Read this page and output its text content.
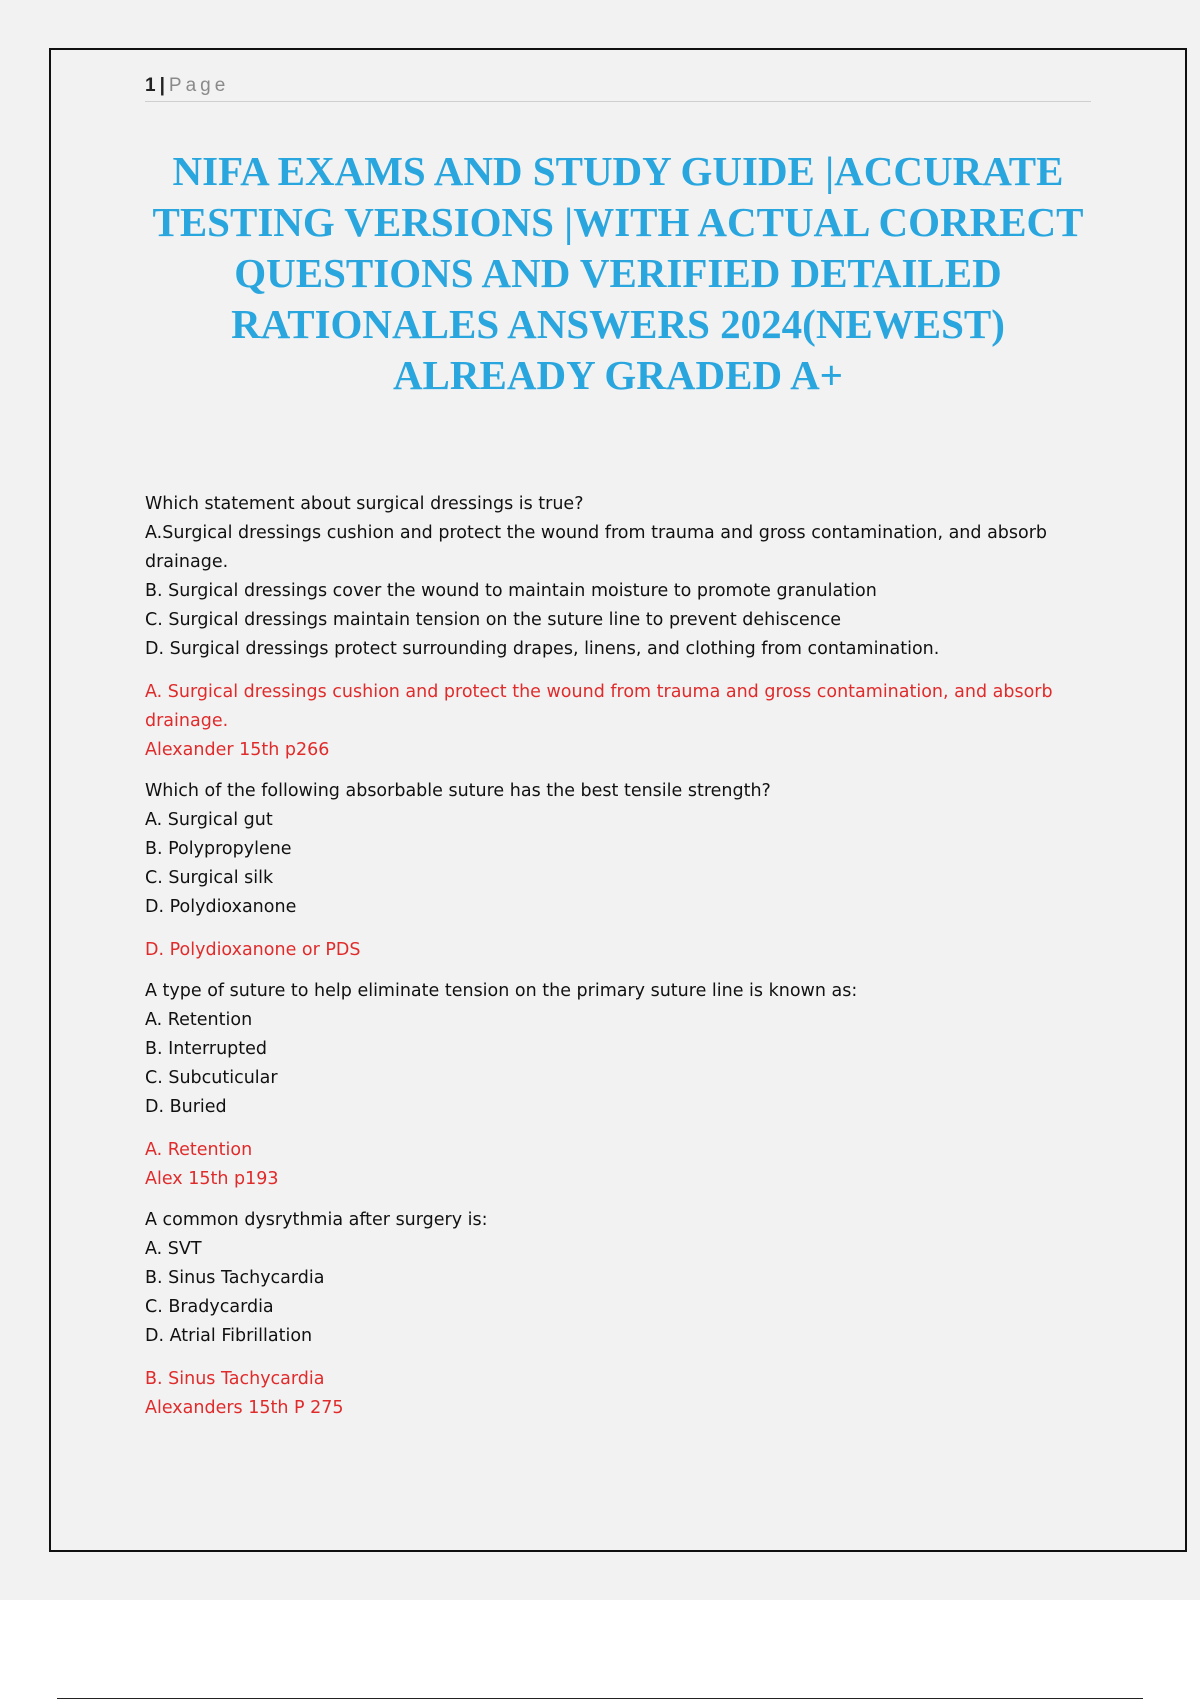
1 | Page
NIFA EXAMS AND STUDY GUIDE |ACCURATE TESTING VERSIONS |WITH ACTUAL CORRECT QUESTIONS AND VERIFIED DETAILED RATIONALES ANSWERS 2024(NEWEST) ALREADY GRADED A+

Which statement about surgical dressings is true?

A.Surgical dressings cushion and protect the wound from trauma and gross contamination, and absorb drainage.

B. Surgical dressings cover the wound to maintain moisture to promote granulation

C. Surgical dressings maintain tension on the suture line to prevent dehiscence

D. Surgical dressings protect surrounding drapes, linens, and clothing from contamination.

A. Surgical dressings cushion and protect the wound from trauma and gross contamination, and absorb drainage.

Alexander 15th p266

Which of the following absorbable suture has the best tensile strength?

A. Surgical gut

B. Polypropylene

C. Surgical silk

D. Polydioxanone

D. Polydioxanone or PDS

A type of suture to help eliminate tension on the primary suture line is known as:

A. Retention

B. Interrupted

C. Subcuticular

D. Buried

A. Retention

Alex 15th p193

A common dysrythmia after surgery is:

A. SVT

B. Sinus Tachycardia

C. Bradycardia

D. Atrial Fibrillation

B. Sinus Tachycardia

Alexanders 15th P 275
